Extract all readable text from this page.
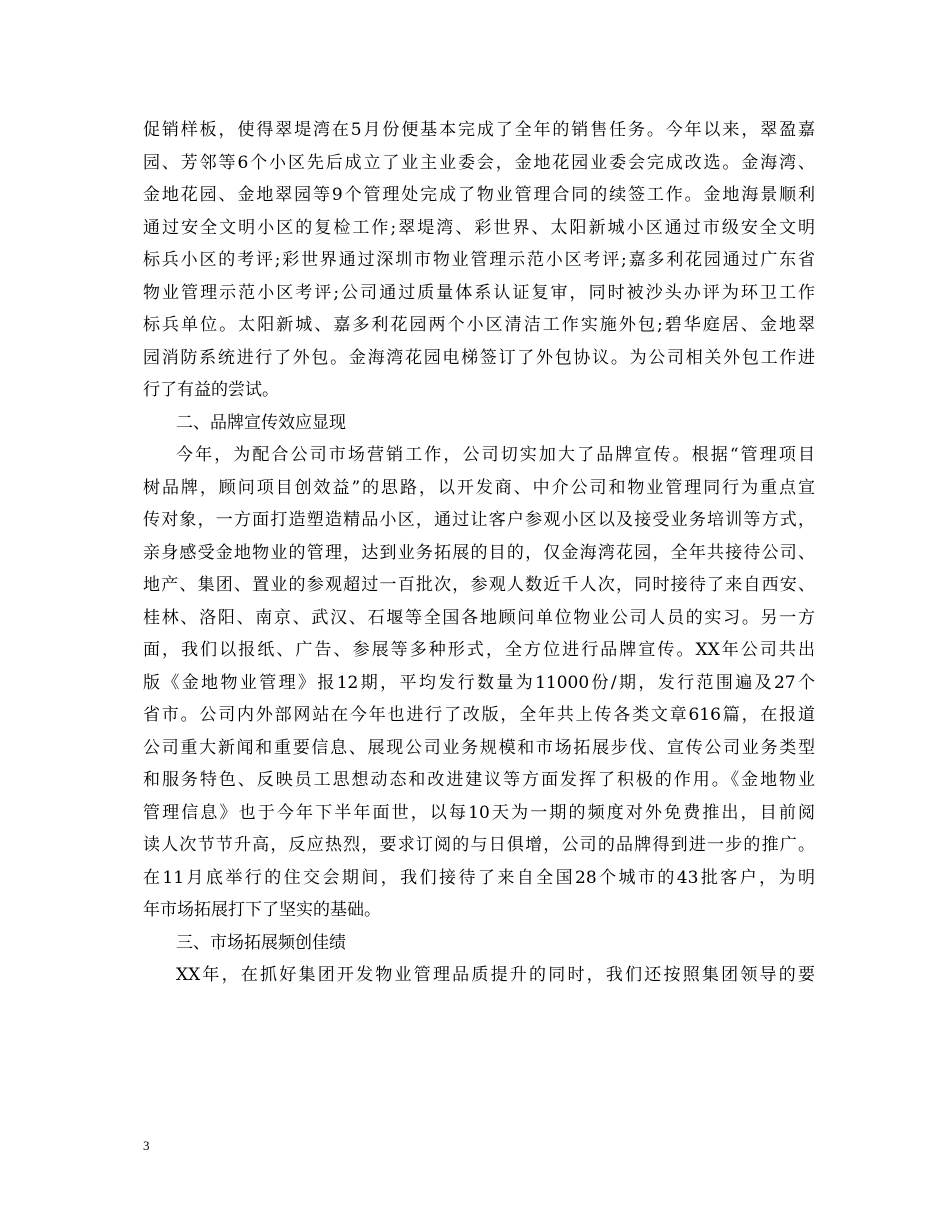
促销样板，使得翠堤湾在5月份便基本完成了全年的销售任务。今年以来，翠盈嘉
园、芳邻等6个小区先后成立了业主业委会，金地花园业委会完成改选。金海湾、
金地花园、金地翠园等9个管理处完成了物业管理合同的续签工作。金地海景顺利
通过安全文明小区的复检工作;翠堤湾、彩世界、太阳新城小区通过市级安全文明
标兵小区的考评;彩世界通过深圳市物业管理示范小区考评;嘉多利花园通过广东省
物业管理示范小区考评;公司通过质量体系认证复审，同时被沙头办评为环卫工作
标兵单位。太阳新城、嘉多利花园两个小区清洁工作实施外包;碧华庭居、金地翠
园消防系统进行了外包。金海湾花园电梯签订了外包协议。为公司相关外包工作进
行了有益的尝试。
二、品牌宣传效应显现
今年，为配合公司市场营销工作，公司切实加大了品牌宣传。根据“管理项目
树品牌，顾问项目创效益”的思路，以开发商、中介公司和物业管理同行为重点宣
传对象，一方面打造塑造精品小区，通过让客户参观小区以及接受业务培训等方式，
亲身感受金地物业的管理，达到业务拓展的目的，仅金海湾花园，全年共接待公司、
地产、集团、置业的参观超过一百批次，参观人数近千人次，同时接待了来自西安、
桂林、洛阳、南京、武汉、石堰等全国各地顾问单位物业公司人员的实习。另一方
面，我们以报纸、广告、参展等多种形式，全方位进行品牌宣传。XX年公司共出
版《金地物业管理》报12期，平均发行数量为11000份/期，发行范围遍及27个
省市。公司内外部网站在今年也进行了改版，全年共上传各类文章616篇，在报道
公司重大新闻和重要信息、展现公司业务规模和市场拓展步伐、宣传公司业务类型
和服务特色、反映员工思想动态和改进建议等方面发挥了积极的作用。《金地物业
管理信息》也于今年下半年面世，以每10天为一期的频度对外免费推出，目前阅
读人次节节升高，反应热烈，要求订阅的与日俱增，公司的品牌得到进一步的推广。
在11月底举行的住交会期间，我们接待了来自全国28个城市的43批客户，为明
年市场拓展打下了坚实的基础。
三、市场拓展频创佳绩
XX年，在抓好集团开发物业管理品质提升的同时，我们还按照集团领导的要
3
